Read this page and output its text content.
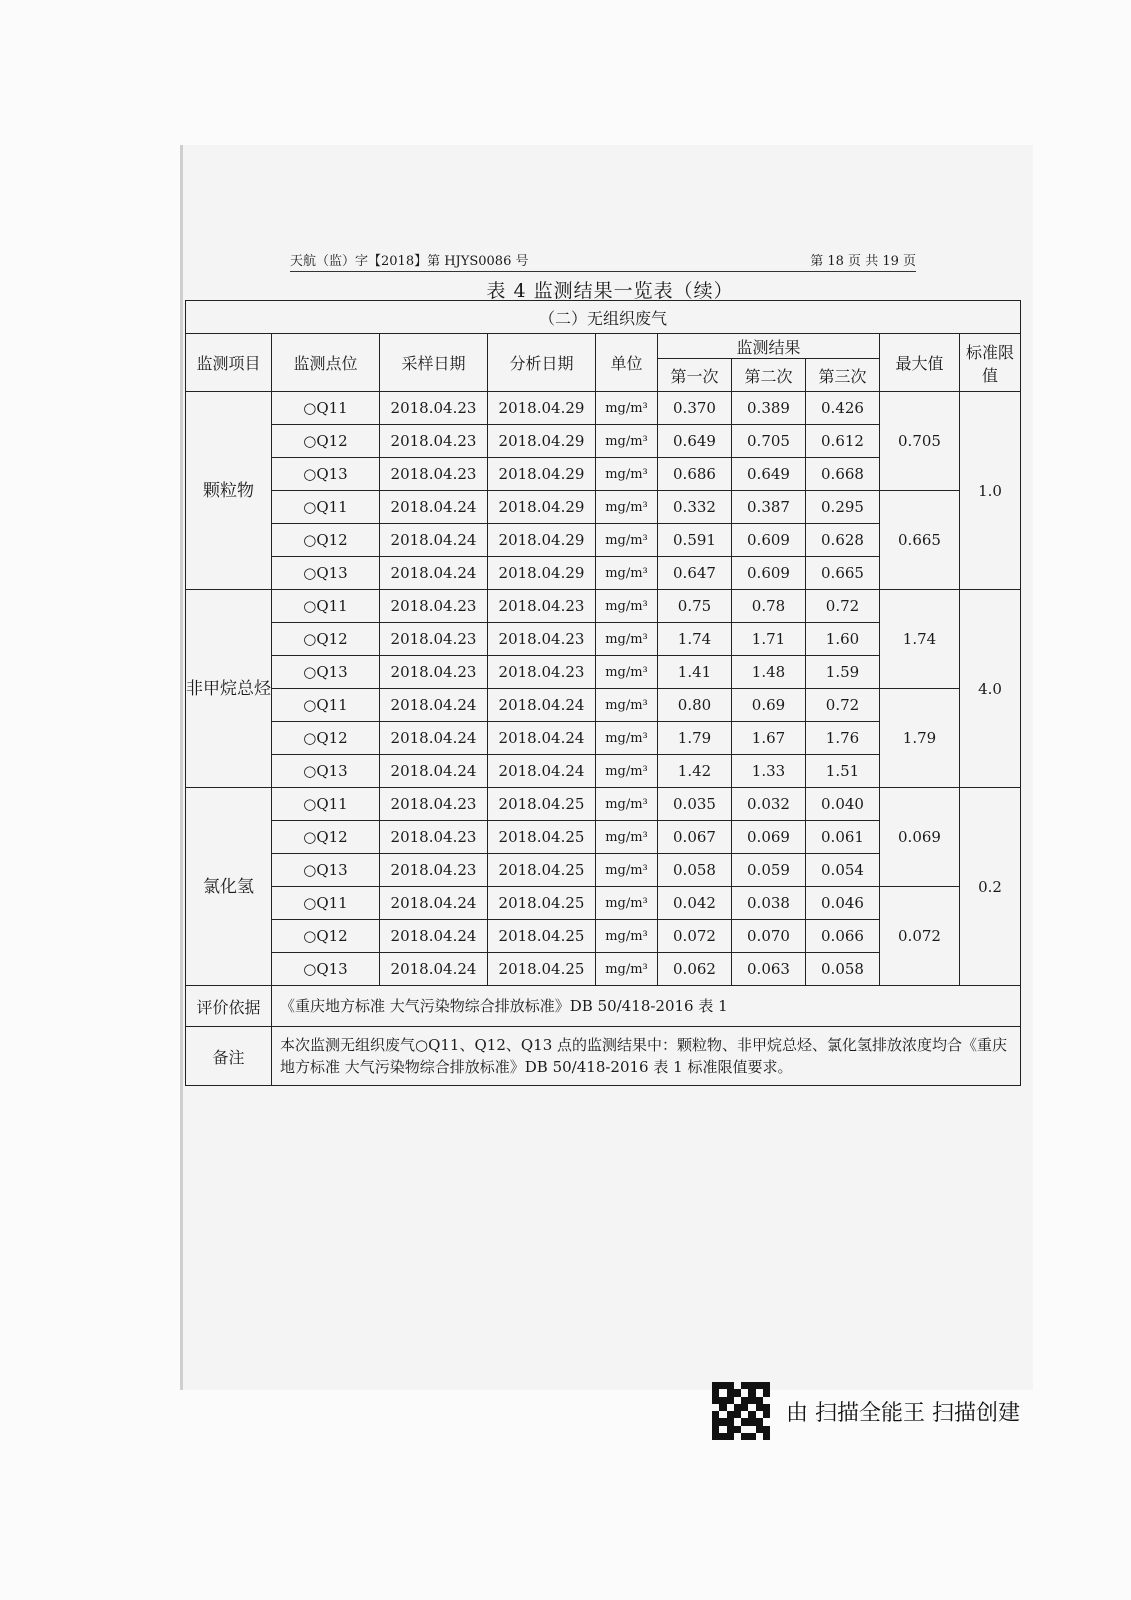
天航（监）字【2018】第 HJYS0086 号	第 18 页 共 19 页
表 4 监测结果一览表（续）
（二）无组织废气									
监测项目	监测点位	采样日期	分析日期	单位	监测结果			最大值	标准限值
					第一次	第二次	第三次		
颗粒物	○Q11	2018.04.23	2018.04.29	mg/m³	0.370	0.389	0.426	0.705	1.0
	○Q12	2018.04.23	2018.04.29	mg/m³	0.649	0.705	0.612		
	○Q13	2018.04.23	2018.04.29	mg/m³	0.686	0.649	0.668		
	○Q11	2018.04.24	2018.04.29	mg/m³	0.332	0.387	0.295	0.665	
	○Q12	2018.04.24	2018.04.29	mg/m³	0.591	0.609	0.628		
	○Q13	2018.04.24	2018.04.29	mg/m³	0.647	0.609	0.665		
非甲烷总烃	○Q11	2018.04.23	2018.04.23	mg/m³	0.75	0.78	0.72	1.74	4.0
	○Q12	2018.04.23	2018.04.23	mg/m³	1.74	1.71	1.60		
	○Q13	2018.04.23	2018.04.23	mg/m³	1.41	1.48	1.59		
	○Q11	2018.04.24	2018.04.24	mg/m³	0.80	0.69	0.72	1.79	
	○Q12	2018.04.24	2018.04.24	mg/m³	1.79	1.67	1.76		
	○Q13	2018.04.24	2018.04.24	mg/m³	1.42	1.33	1.51		
氯化氢	○Q11	2018.04.23	2018.04.25	mg/m³	0.035	0.032	0.040	0.069	0.2
	○Q12	2018.04.23	2018.04.25	mg/m³	0.067	0.069	0.061		
	○Q13	2018.04.23	2018.04.25	mg/m³	0.058	0.059	0.054		
	○Q11	2018.04.24	2018.04.25	mg/m³	0.042	0.038	0.046	0.072	
	○Q12	2018.04.24	2018.04.25	mg/m³	0.072	0.070	0.066		
	○Q13	2018.04.24	2018.04.25	mg/m³	0.062	0.063	0.058		
评价依据	《重庆地方标准 大气污染物综合排放标准》DB 50/418-2016 表 1								
备注	本次监测无组织废气○Q11、Q12、Q13 点的监测结果中：颗粒物、非甲烷总烃、氯化氢排放浓度均合《重庆地方标准 大气污染物综合排放标准》DB 50/418-2016 表 1 标准限值要求。								
由 扫描全能王 扫描创建
